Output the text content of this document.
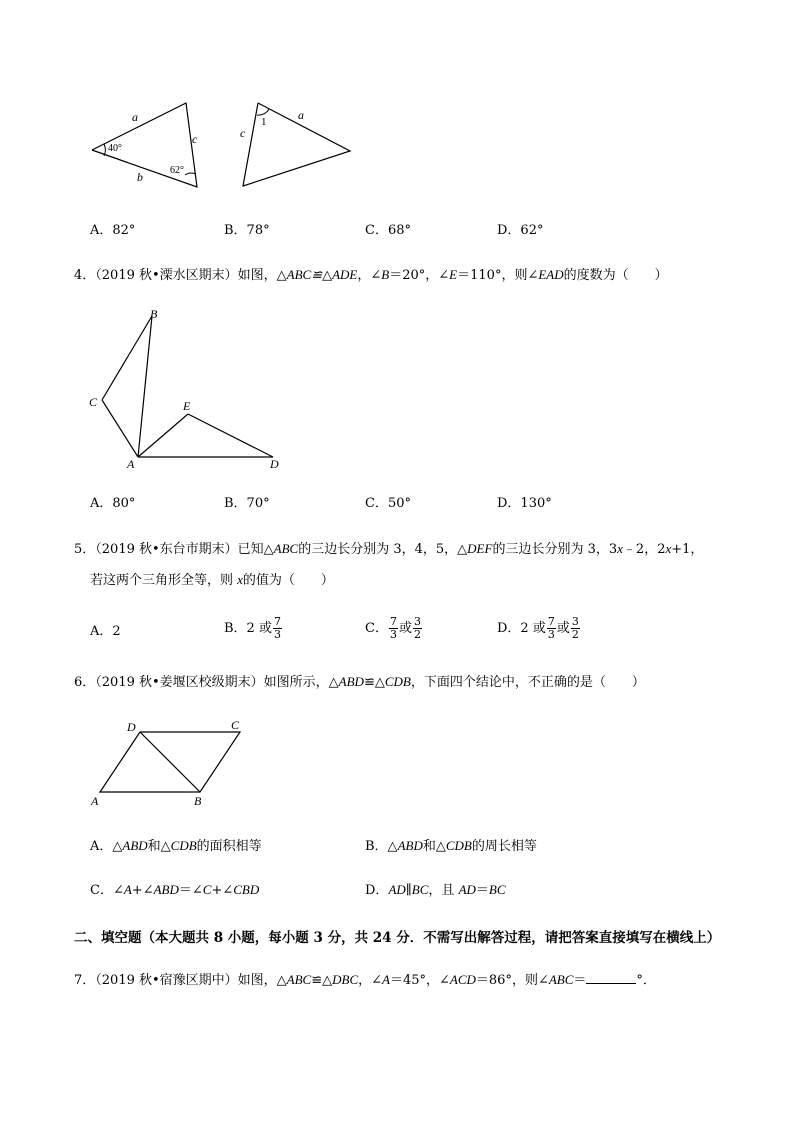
a
c
b
40°
62°
a
c
1
A．82°	B．78°	C．68°	D．62°
4．（2019 秋•溧水区期末）如图，△ABC≌△ADE，∠B＝20°，∠E＝110°，则∠EAD的度数为（　　）
B
C	E
A	D
A．80°	B．70°	C．50°	D．130°
5．（2019 秋•东台市期末）已知△ABC的三边长分别为 3，4，5，△DEF的三边长分别为 3，3x﹣2，2x+1，
若这两个三角形全等，则 x的值为（　　）
A．2	B．2 或 $\frac{7}{3}$	C． $\frac{7}{3}$ 或 $\frac{3}{2}$	D．2 或 $\frac{7}{3}$ 或 $\frac{3}{2}$
6．（2019 秋•姜堰区校级期末）如图所示，△ABD≌△CDB，下面四个结论中，不正确的是（　　）
D	C
A	B
A．△ABD和△CDB的面积相等	B．△ABD和△CDB的周长相等
C．∠A+∠ABD＝∠C+∠CBD	D．AD∥BC，且 AD＝BC
二、填空题（本大题共 8 小题，每小题 3 分，共 24 分．不需写出解答过程，请把答案直接填写在横线上）
7．（2019 秋•宿豫区期中）如图，△ABC≌△DBC，∠A＝45°，∠ACD＝86°，则∠ABC＝	°．
